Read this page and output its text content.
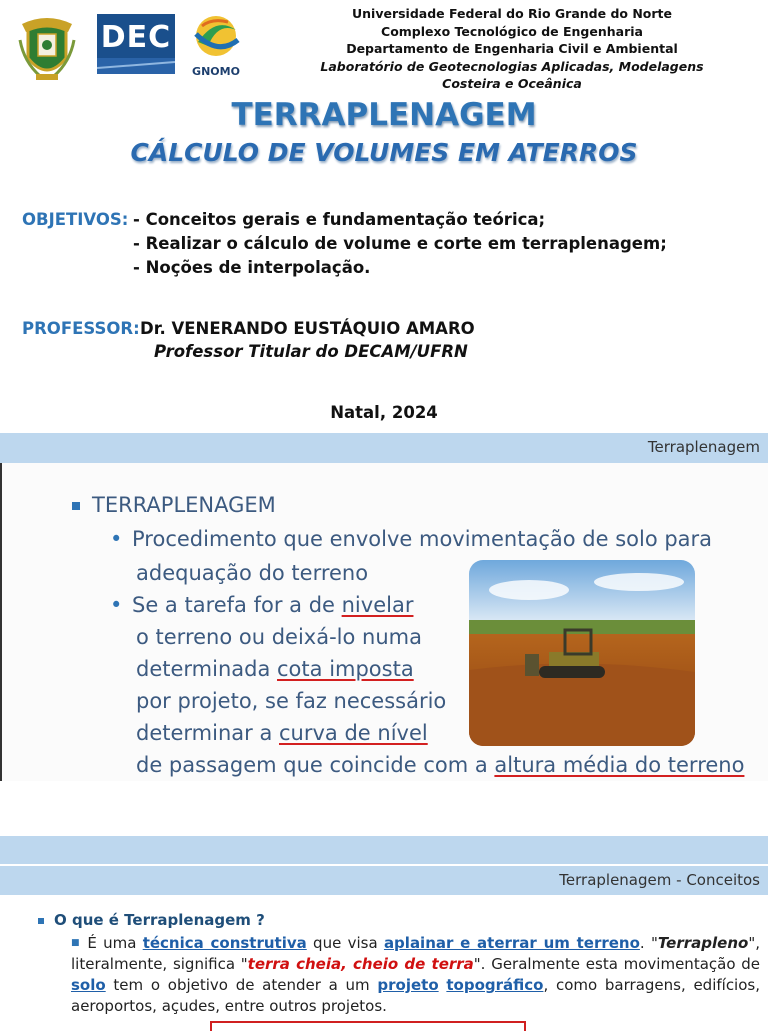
DEC
GNOMO
Universidade Federal do Rio Grande do Norte
Complexo Tecnológico de Engenharia
Departamento de Engenharia Civil e Ambiental
Laboratório de Geotecnologias Aplicadas, Modelagens
Costeira e Oceânica
TERRAPLENAGEM
CÁLCULO DE VOLUMES EM ATERROS
OBJETIVOS: - Conceitos gerais e fundamentação teórica;
- Realizar o cálculo de volume e corte em terraplenagem;
- Noções de interpolação.
PROFESSOR: Dr. VENERANDO EUSTÁQUIO AMARO
Professor Titular do DECAM/UFRN
Natal, 2024
Terraplenagem
TERRAPLENAGEM
• Procedimento que envolve movimentação de solo para
adequação do terreno
• Se a tarefa for a de nivelar
o terreno ou deixá-lo numa
determinada cota imposta
por projeto, se faz necessário
determinar a curva de nível
de passagem que coincide com a altura média do terreno
Terraplenagem - Conceitos
O que é Terraplenagem ?
■ É uma técnica construtiva que visa aplainar e aterrar um terreno. "Terrapleno", literalmente, significa "terra cheia, cheio de terra". Geralmente esta movimentação de solo tem o objetivo de atender a um projeto topográfico, como barragens, edifícios, aeroportos, açudes, entre outros projetos.
